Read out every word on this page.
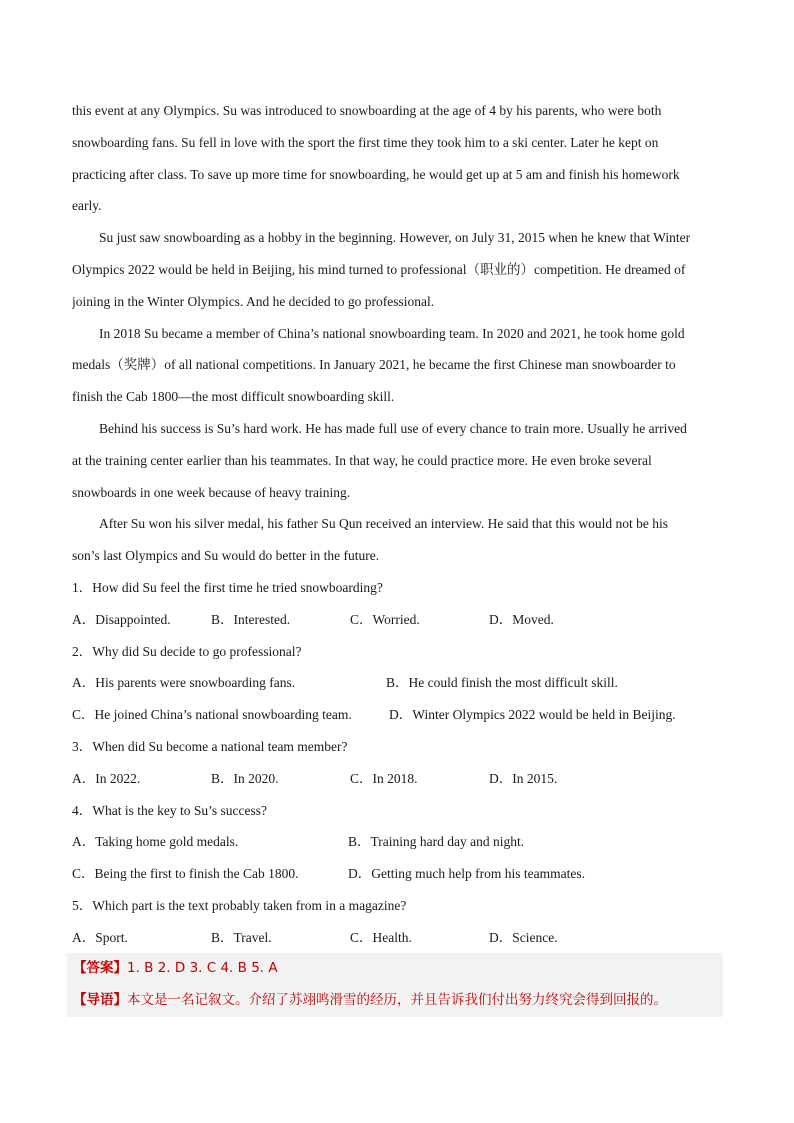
this event at any Olympics. Su was introduced to snowboarding at the age of 4 by his parents, who were both
snowboarding fans. Su fell in love with the sport the first time they took him to a ski center. Later he kept on
practicing after class. To save up more time for snowboarding, he would get up at 5 am and finish his homework
early.
Su just saw snowboarding as a hobby in the beginning. However, on July 31, 2015 when he knew that Winter
Olympics 2022 would be held in Beijing, his mind turned to professional（职业的）competition. He dreamed of
joining in the Winter Olympics. And he decided to go professional.
In 2018 Su became a member of China’s national snowboarding team. In 2020 and 2021, he took home gold
medals（奖牌）of all national competitions. In January 2021, he became the first Chinese man snowboarder to
finish the Cab 1800—the most difficult snowboarding skill.
Behind his success is Su’s hard work. He has made full use of every chance to train more. Usually he arrived
at the training center earlier than his teammates. In that way, he could practice more. He even broke several
snowboards in one week because of heavy training.
After Su won his silver medal, his father Su Qun received an interview. He said that this would not be his
son’s last Olympics and Su would do better in the future.
1．How did Su feel the first time he tried snowboarding?
A．Disappointed.	B．Interested.	C．Worried.	D．Moved.
2．Why did Su decide to go professional?
A．His parents were snowboarding fans.	B．He could finish the most difficult skill.
C．He joined China’s national snowboarding team.	D．Winter Olympics 2022 would be held in Beijing.
3．When did Su become a national team member?
A．In 2022.	B．In 2020.	C．In 2018.	D．In 2015.
4．What is the key to Su’s success?
A．Taking home gold medals.	B．Training hard day and night.
C．Being the first to finish the Cab 1800.	D．Getting much help from his teammates.
5．Which part is the text probably taken from in a magazine?
A．Sport.	B．Travel.	C．Health.	D．Science.
【答案】1. B 2. D 3. C 4. B 5. A
【导语】本文是一名记叙文。介绍了苏翊鸣滑雪的经历，并且告诉我们付出努力终究会得到回报的。
